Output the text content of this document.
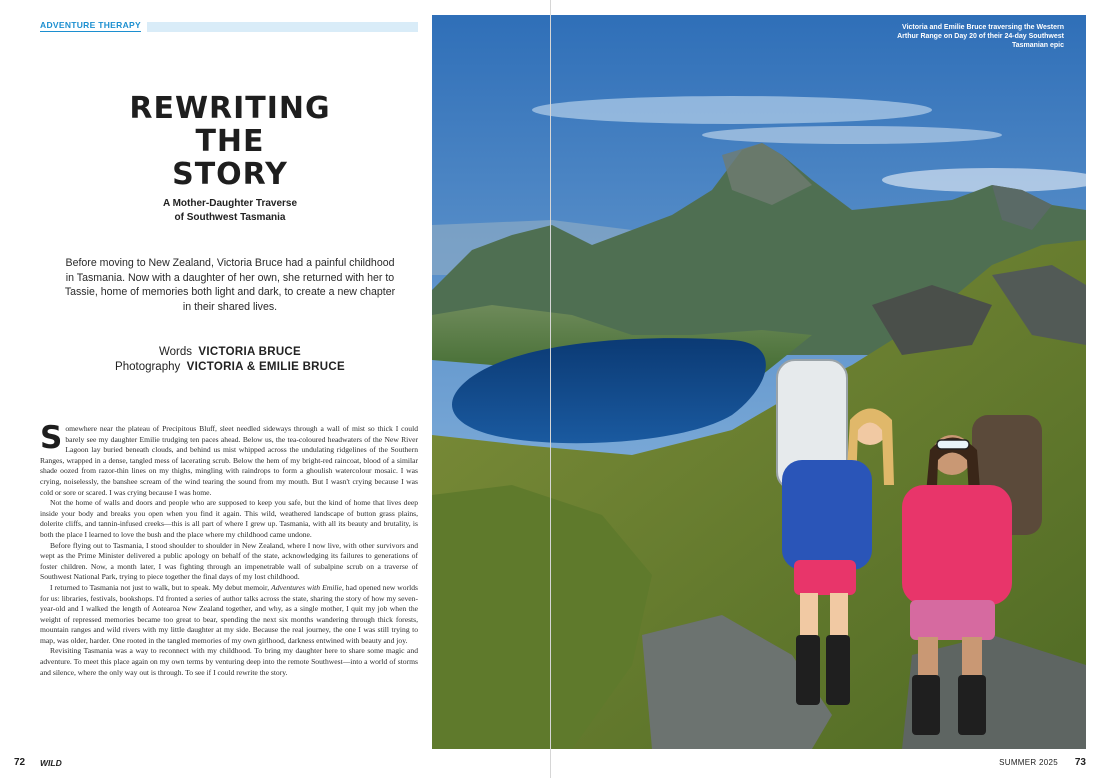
ADVENTURE THERAPY
REWRITING
THE
STORY
A Mother-Daughter Traverse
of Southwest Tasmania
Before moving to New Zealand, Victoria Bruce had a painful childhood in Tasmania. Now with a daughter of her own, she returned with her to Tassie, home of memories both light and dark, to create a new chapter in their shared lives.
Words VICTORIA BRUCE
Photography VICTORIA & EMILIE BRUCE

Somewhere near the plateau of Precipitous Bluff, sleet needled sideways through a wall of mist so thick I could barely see my daughter Emilie trudging ten paces ahead. Below us, the tea-coloured headwaters of the New River Lagoon lay buried beneath clouds, and behind us mist whipped across the undulating ridgelines of the Southern Ranges, wrapped in a dense, tangled mess of lacerating scrub. Below the hem of my bright-red raincoat, blood of a similar shade oozed from razor-thin lines on my thighs, mingling with raindrops to form a ghoulish watercolour mosaic. I was crying, noiselessly, the banshee scream of the wind tearing the sound from my mouth. But I wasn't crying because I was cold or sore or scared. I was crying because I was home.

Not the home of walls and doors and people who are supposed to keep you safe, but the kind of home that lives deep inside your body and breaks you open when you find it again. This wild, weathered landscape of button grass plains, dolerite cliffs, and tannin-infused creeks—this is all part of where I grew up. Tasmania, with all its beauty and brutality, is both the place I learned to love the bush and the place where my childhood came undone.

Before flying out to Tasmania, I stood shoulder to shoulder in New Zealand, where I now live, with other survivors and wept as the Prime Minister delivered a public apology on behalf of the state, acknowledging its failures to generations of foster children. Now, a month later, I was fighting through an impenetrable wall of subalpine scrub on a traverse of Southwest National Park, trying to piece together the final days of my lost childhood.

I returned to Tasmania not just to walk, but to speak. My debut memoir, Adventures with Emilie, had opened new worlds for us: libraries, festivals, bookshops. I'd fronted a series of author talks across the state, sharing the story of how my seven-year-old and I walked the length of Aotearoa New Zealand together, and why, as a single mother, I quit my job when the weight of repressed memories became too great to bear, spending the next six months wandering through thick forests, mountain ranges and wild rivers with my little daughter at my side. Because the real journey, the one I was still trying to map, was older, harder. One rooted in the tangled memories of my own girlhood, darkness entwined with beauty and joy.

Revisiting Tasmania was a way to reconnect with my childhood. To bring my daughter here to share some magic and adventure. To meet this place again on my own terms by venturing deep into the remote Southwest—into a world of storms and silence, where the only way out is through. To see if I could rewrite the story.

72 WILD
Victoria and Emilie Bruce traversing the Western Arthur Range on Day 20 of their 24-day Southwest Tasmanian epic
SUMMER 2025 73
